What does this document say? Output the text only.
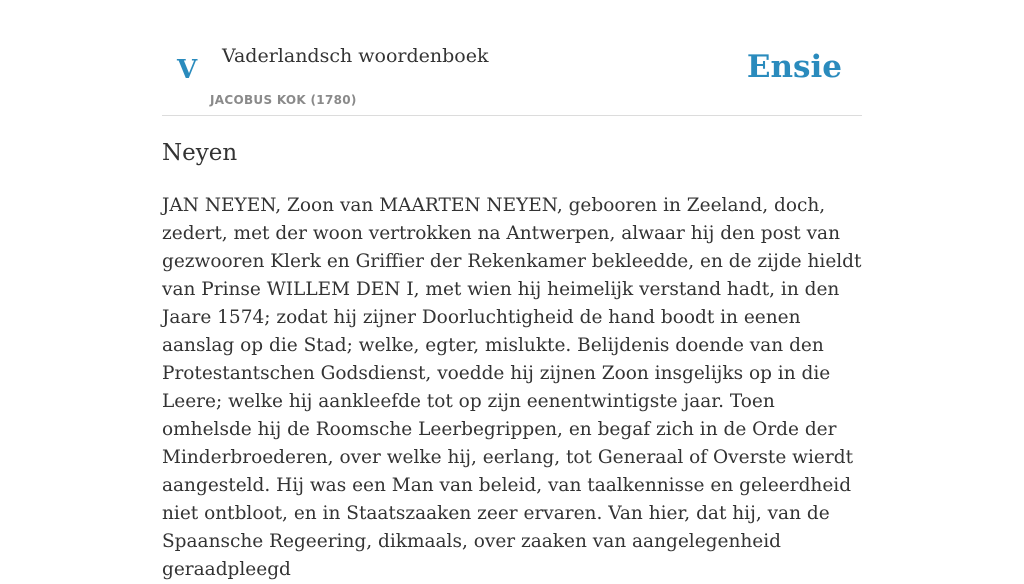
V Vaderlandsch woordenboek
JACOBUS KOK (1780)
Ensie
Neyen

JAN NEYEN, Zoon van MAARTEN NEYEN, gebooren in Zeeland, doch, zedert, met der woon vertrokken na Antwerpen, alwaar hij den post van gezwooren Klerk en Griffier der Rekenkamer bekleedde, en de zijde hieldt van Prinse WILLEM DEN I, met wien hij heimelijk verstand hadt, in den Jaare 1574; zodat hij zijner Doorluchtigheid de hand boodt in eenen aanslag op die Stad; welke, egter, mislukte. Belijdenis doende van den Protestantschen Godsdienst, voedde hij zijnen Zoon insgelijks op in die Leere; welke hij aankleefde tot op zijn eenentwintigste jaar. Toen omhelsde hij de Roomsche Leerbegrippen, en begaf zich in de Orde der Minderbroederen, over welke hij, eerlang, tot Generaal of Overste wierdt aangesteld. Hij was een Man van beleid, van taalkennisse en geleerdheid niet ontbloot, en in Staatszaaken zeer ervaren. Van hier, dat hij, van de Spaansche Regeering, dikmaals, over zaaken van aangelegenheid geraadpleegd
